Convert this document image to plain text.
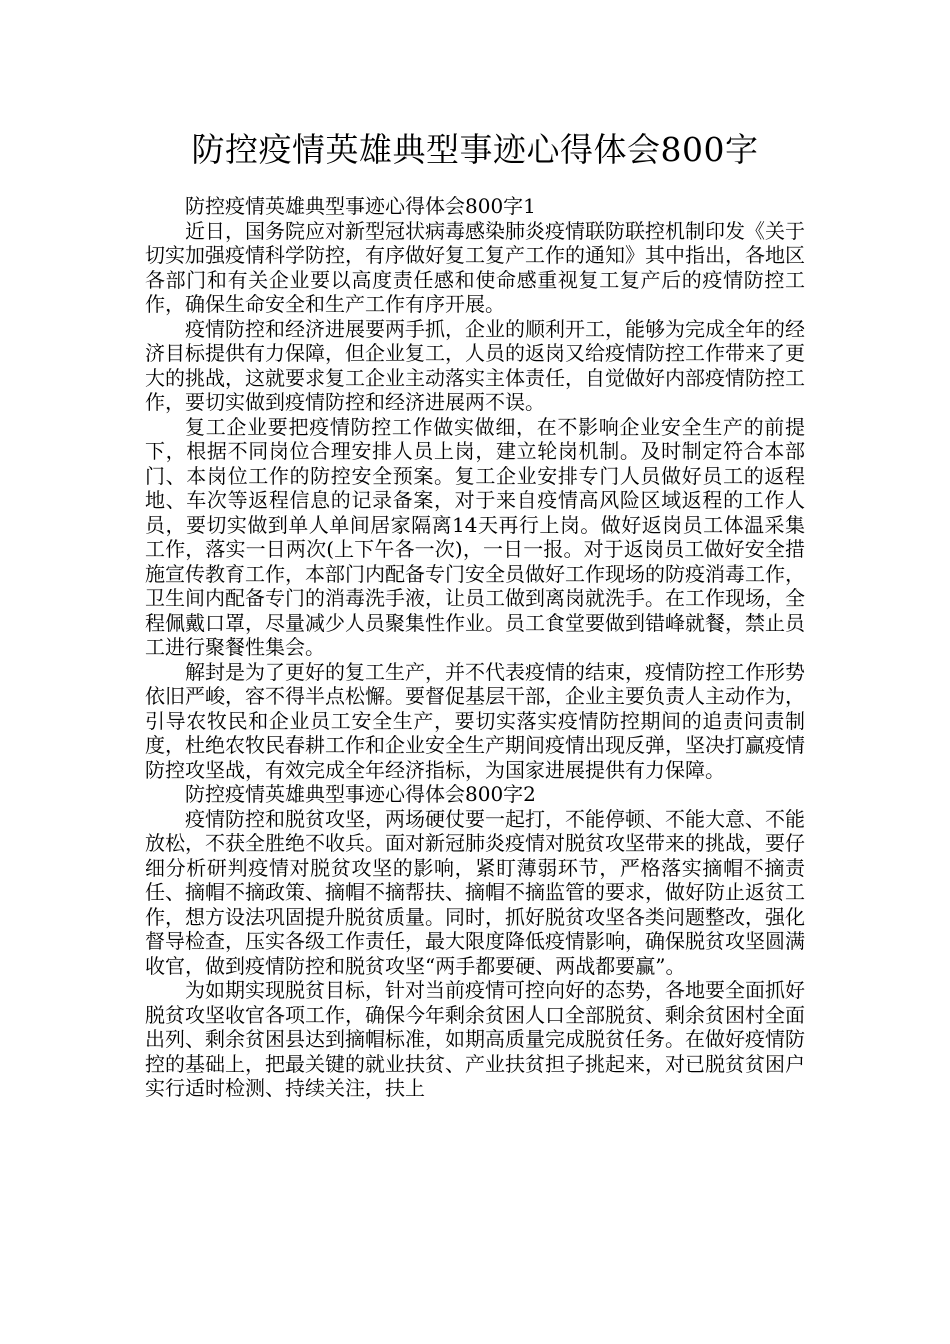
防控疫情英雄典型事迹心得体会800字

防控疫情英雄典型事迹心得体会800字1

近日，国务院应对新型冠状病毒感染肺炎疫情联防联控机制印发《关于切实加强疫情科学防控，有序做好复工复产工作的通知》其中指出，各地区各部门和有关企业要以高度责任感和使命感重视复工复产后的疫情防控工作，确保生命安全和生产工作有序开展。

疫情防控和经济进展要两手抓，企业的顺利开工，能够为完成全年的经济目标提供有力保障，但企业复工，人员的返岗又给疫情防控工作带来了更大的挑战，这就要求复工企业主动落实主体责任，自觉做好内部疫情防控工作，要切实做到疫情防控和经济进展两不误。

复工企业要把疫情防控工作做实做细，在不影响企业安全生产的前提下，根据不同岗位合理安排人员上岗，建立轮岗机制。及时制定符合本部门、本岗位工作的防控安全预案。复工企业安排专门人员做好员工的返程地、车次等返程信息的记录备案，对于来自疫情高风险区域返程的工作人员，要切实做到单人单间居家隔离14天再行上岗。做好返岗员工体温采集工作，落实一日两次(上下午各一次)，一日一报。对于返岗员工做好安全措施宣传教育工作，本部门内配备专门安全员做好工作现场的防疫消毒工作，卫生间内配备专门的消毒洗手液，让员工做到离岗就洗手。在工作现场，全程佩戴口罩，尽量减少人员聚集性作业。员工食堂要做到错峰就餐，禁止员工进行聚餐性集会。

解封是为了更好的复工生产，并不代表疫情的结束，疫情防控工作形势依旧严峻，容不得半点松懈。要督促基层干部，企业主要负责人主动作为，引导农牧民和企业员工安全生产，要切实落实疫情防控期间的追责问责制度，杜绝农牧民春耕工作和企业安全生产期间疫情出现反弹，坚决打赢疫情防控攻坚战，有效完成全年经济指标，为国家进展提供有力保障。

防控疫情英雄典型事迹心得体会800字2

疫情防控和脱贫攻坚，两场硬仗要一起打，不能停顿、不能大意、不能放松，不获全胜绝不收兵。面对新冠肺炎疫情对脱贫攻坚带来的挑战，要仔细分析研判疫情对脱贫攻坚的影响，紧盯薄弱环节，严格落实摘帽不摘责任、摘帽不摘政策、摘帽不摘帮扶、摘帽不摘监管的要求，做好防止返贫工作，想方设法巩固提升脱贫质量。同时，抓好脱贫攻坚各类问题整改，强化督导检查，压实各级工作责任，最大限度降低疫情影响，确保脱贫攻坚圆满收官，做到疫情防控和脱贫攻坚“两手都要硬、两战都要赢”。

为如期实现脱贫目标，针对当前疫情可控向好的态势，各地要全面抓好脱贫攻坚收官各项工作，确保今年剩余贫困人口全部脱贫、剩余贫困村全面出列、剩余贫困县达到摘帽标准，如期高质量完成脱贫任务。在做好疫情防控的基础上，把最关键的就业扶贫、产业扶贫担子挑起来，对已脱贫贫困户实行适时检测、持续关注，扶上
